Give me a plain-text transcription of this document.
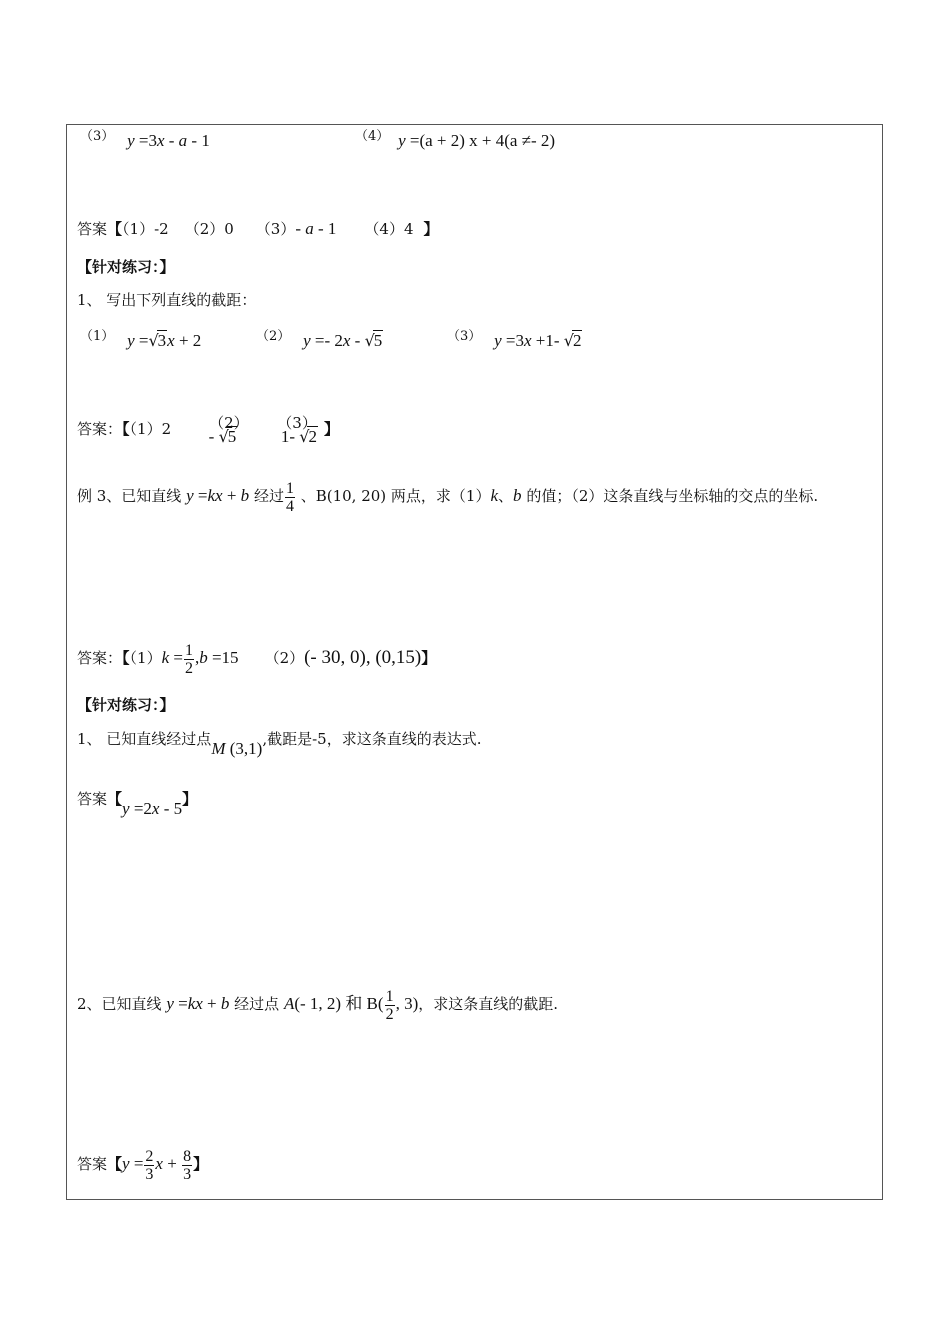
（3） y =3x - a - 1	（4） y =(a + 2) x + 4(a ≠- 2)
答案【（1）-2 （2）0 （3）- a - 1 （4）4 】
【针对练习：】
1、 写出下列直线的截距：
（1） y =√3x + 2	（2） y =- 2x - √5	（3） y =3x +1- √2
答案：【（1）2	（2）- √5（3）1- √2 】
例 3、已知直线 y =kx + b 经过 $\frac{1}{4}$ 、B(10, 20) 两点，求（1）k、b 的值；（2）这条直线与坐标轴的交点的坐标.
答案：【$(1)k = \frac{1}{2} ,b =15$ （2）(- 30, 0), (0,15)】
【针对练习：】
1、 已知直线经过点M (3,1),截距是-5，求这条直线的表达式.
答案【y =2x - 5】
2、已知直线 y =kx + b 经过点 A(- 1, 2) 和 $B( \frac{1}{2}$ , 3)，求这条直线的截距.
答案【$y = \frac{2}{3}$ $x + \frac{8}{3}$ 】
